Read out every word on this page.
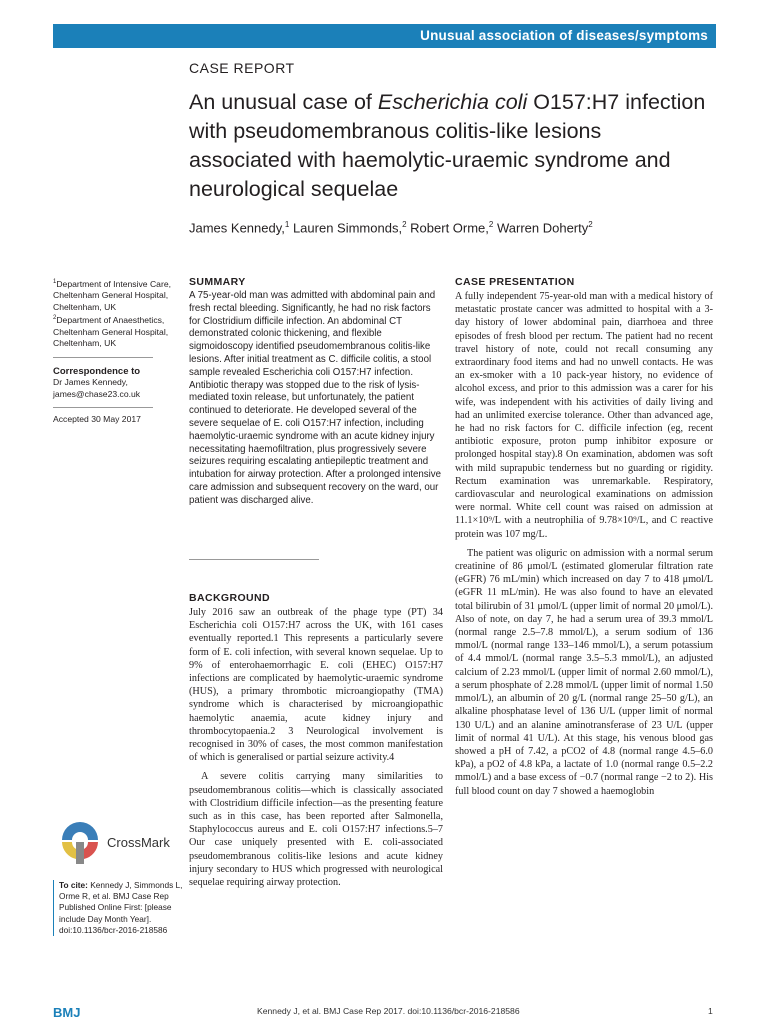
Unusual association of diseases/symptoms
CASE REPORT
An unusual case of Escherichia coli O157:H7 infection with pseudomembranous colitis-like lesions associated with haemolytic-uraemic syndrome and neurological sequelae
James Kennedy,$^1$ Lauren Simmonds,$^2$ Robert Orme,$^2$ Warren Doherty$^2$
$^1$Department of Intensive Care, Cheltenham General Hospital, Cheltenham, UK
$^2$Department of Anaesthetics, Cheltenham General Hospital, Cheltenham, UK
Correspondence to
Dr James Kennedy,
james@chase23.co.uk
Accepted 30 May 2017
SUMMARY

A 75-year-old man was admitted with abdominal pain and fresh rectal bleeding. Significantly, he had no risk factors for Clostridium difficile infection. An abdominal CT demonstrated colonic thickening, and flexible sigmoidoscopy identified pseudomembranous colitis-like lesions. After initial treatment as C. difficile colitis, a stool sample revealed Escherichia coli O157:H7 infection. Antibiotic therapy was stopped due to the risk of lysis-mediated toxin release, but unfortunately, the patient continued to deteriorate. He developed several of the severe sequelae of E. coli O157:H7 infection, including haemolytic-uraemic syndrome with an acute kidney injury necessitating haemofiltration, plus progressively severe seizures requiring escalating antiepileptic treatment and intubation for airway protection. After a prolonged intensive care admission and subsequent recovery on the ward, our patient was discharged alive.

BACKGROUND

July 2016 saw an outbreak of the phage type (PT) 34 Escherichia coli O157:H7 across the UK, with 161 cases eventually reported.1 This represents a particularly severe form of E. coli infection, with several known sequelae. Up to 9% of enterohaemorrhagic E. coli (EHEC) O157:H7 infections are complicated by haemolytic-uraemic syndrome (HUS), a primary thrombotic microangiopathy (TMA) syndrome which is characterised by microangiopathic haemolytic anaemia, acute kidney injury and thrombocytopaenia.2 3 Neurological involvement is recognised in 30% of cases, the most common manifestation of which is generalised or partial seizure activity.4

A severe colitis carrying many similarities to pseudomembranous colitis—which is classically associated with Clostridium difficile infection—as the presenting feature such as in this case, has been reported after Salmonella, Staphylococcus aureus and E. coli O157:H7 infections.5–7 Our case uniquely presented with E. coli-associated pseudomembranous colitis-like lesions and acute kidney injury secondary to HUS which progressed with neurological sequelae requiring airway protection.

CASE PRESENTATION

A fully independent 75-year-old man with a medical history of metastatic prostate cancer was admitted to hospital with a 3-day history of lower abdominal pain, diarrhoea and three episodes of fresh blood per rectum. The patient had no recent travel history of note, could not recall consuming any extraordinary food items and had no unwell contacts. He was an ex-smoker with a 10 pack-year history, no evidence of alcohol excess, and prior to this admission was a carer for his wife, was independent with his activities of daily living and had an unlimited exercise tolerance. Other than advanced age, he had no risk factors for C. difficile infection (eg, recent antibiotic exposure, proton pump inhibitor exposure or prolonged hospital stay).8 On examination, abdomen was soft with mild suprapubic tenderness but no guarding or rigidity. Rectum examination was unremarkable. Respiratory, cardiovascular and neurological examinations on admission were normal. White cell count was raised on admission at 11.1×10⁹/L with a neutrophilia of 9.78×10⁹/L, and C reactive protein was 107 mg/L.

The patient was oliguric on admission with a normal serum creatinine of 86 μmol/L (estimated glomerular filtration rate (eGFR) 76 mL/min) which increased on day 7 to 418 μmol/L (eGFR 11 mL/min). He was also found to have an elevated total bilirubin of 31 μmol/L (upper limit of normal 20 μmol/L). Also of note, on day 7, he had a serum urea of 39.3 mmol/L (normal range 2.5–7.8 mmol/L), a serum sodium of 136 mmol/L (normal range 133–146 mmol/L), a serum potassium of 4.4 mmol/L (normal range 3.5–5.3 mmol/L), an adjusted calcium of 2.23 mmol/L (upper limit of normal 2.60 mmol/L), a serum phosphate of 2.28 mmol/L (upper limit of normal 1.50 mmol/L), an albumin of 20 g/L (normal range 25–50 g/L), an alkaline phosphatase level of 136 U/L (upper limit of normal 130 U/L) and an alanine aminotransferase of 23 U/L (upper limit of normal 41 U/L). At this stage, his venous blood gas showed a pH of 7.42, a pCO2 of 4.8 (normal range 4.5–6.0 kPa), a pO2 of 4.8 kPa, a lactate of 1.0 (normal range 0.5–2.2 mmol/L) and a base excess of −0.7 (normal range −2 to 2). His full blood count on day 7 showed a haemoglobin

CrossMark
To cite: Kennedy J, Simmonds L, Orme R, et al. BMJ Case Rep Published Online First: [please include Day Month Year]. doi:10.1136/bcr-2016-218586
BMJ	Kennedy J, et al. BMJ Case Rep 2017. doi:10.1136/bcr-2016-218586	1
